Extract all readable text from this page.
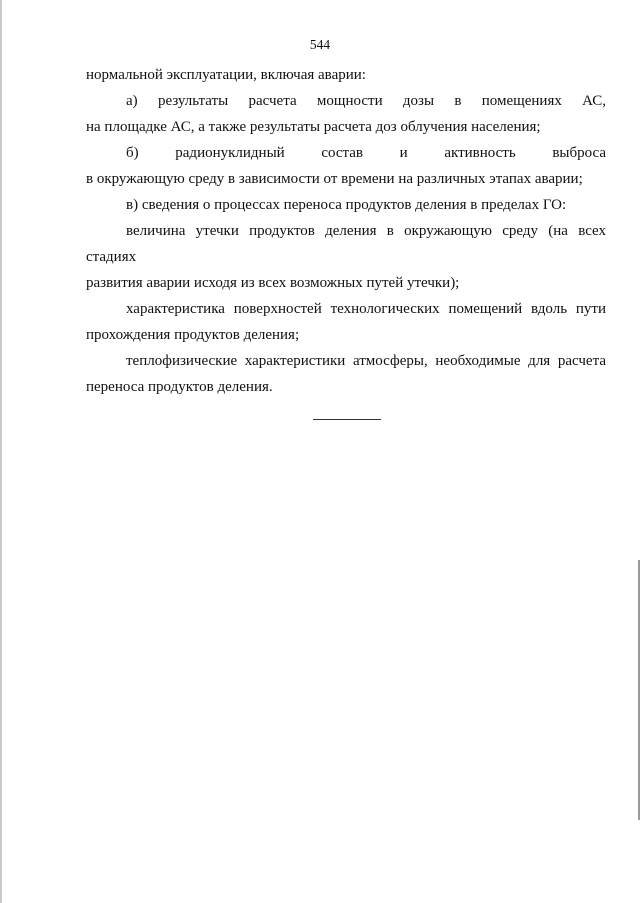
544

нормальной эксплуатации, включая аварии:

а) результаты расчета мощности дозы в помещениях АС,

на площадке АС, а также результаты расчета доз облучения населения;

б) радионуклидный состав и активность выброса

в окружающую среду в зависимости от времени на различных этапах аварии;

в) сведения о процессах переноса продуктов деления в пределах ГО:

величина утечки продуктов деления в окружающую среду (на всех стадиях

развития аварии исходя из всех возможных путей утечки);

характеристика поверхностей технологических помещений вдоль пути

прохождения продуктов деления;

теплофизические характеристики атмосферы, необходимые для расчета

переноса продуктов деления.
